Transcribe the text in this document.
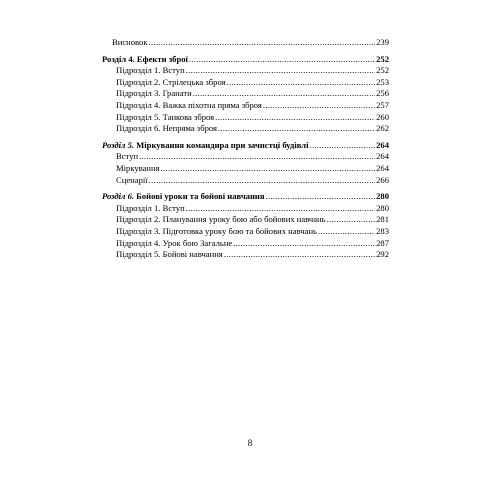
Висновок .....	239
Розділ 4. Ефекти зброї .....	252
Підрозділ 1. Вступ .....	252
Підрозділ 2. Стрілецька зброя .....	253
Підрозділ 3. Гранати .....	256
Підрозділ 4. Важка піхотна пряма зброя .....	257
Підрозділ 5. Танкова зброя .....	260
Підрозділ 6. Непряма зброя .....	262
Розділ 5. Міркування командира при зачистці будівлі .....	264
Вступ .....	264
Міркування .....	264
Сценарії .....	266
Розділ 6. Бойові уроки та бойові навчання .....	280
Підрозділ 1. Вступ .....	280
Підрозділ 2. Планування уроку бою або бойових навчань .....	281
Підрозділ 3. Підготовка уроку бою та бойових навчань .....	283
Підрозділ 4. Урок бою Загальне .....	287
Підрозділ 5. Бойові навчання .....	292
8
